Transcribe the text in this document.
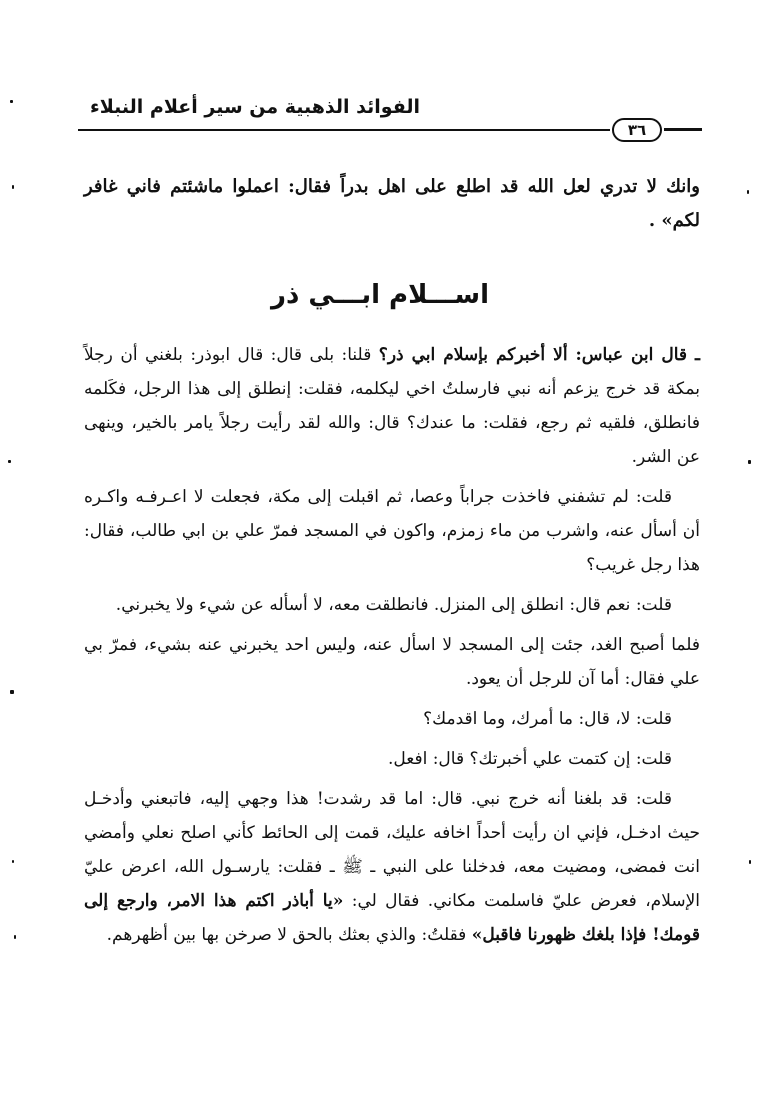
الفوائد الذهبية من سير أعلام النبلاء
٣٦
وانك لا تدري لعل الله قد اطلع على اهل بدراً فقال: اعملوا ماشئتم فاني غافر لكم» .
اســـلام ابـــي ذر

ـ قال ابن عباس: ألا أخبركم بإسلام ابي ذر؟ قلنا: بلى قال: قال ابوذر: بلغني أن رجلاً بمكة قد خرج يزعم أنه نبي فارسلتُ اخي ليكلمه، فقلت: إنطلق إلى هذا الرجل، فكَلمه فانطلق، فلقيه ثم رجع، فقلت: ما عندك؟ قال: والله لقد رأيت رجلاً يامر بالخير، وينهى عن الشر.

قلت: لم تشفني فاخذت جراباً وعصا، ثم اقبلت إلى مكة، فجعلت لا اعـرفـه واكـره أن أسأل عنه، واشرب من ماء زمزم، واكون في المسجد فمرّ علي بن ابي طالب، فقال: هذا رجل غريب؟

قلت: نعم قال: انطلق إلى المنزل. فانطلقت معه، لا أسأله عن شيء ولا يخبرني.

فلما أصبح الغد، جئت إلى المسجد لا اسأل عنه، وليس احد يخبرني عنه بشيء، فمرّ بي علي فقال: أما آن للرجل أن يعود.

قلت: لا، قال: ما أمرك، وما اقدمك؟

قلت: إن كتمت علي أخبرتك؟ قال: افعل.

قلت: قد بلغنا أنه خرج نبي. قال: اما قد رشدت! هذا وجهي إليه، فاتبعني وأدخـل حيث ادخـل، فإني ان رأيت أحداً اخافه عليك، قمت إلى الحائط كأني اصلح نعلي وأمضي انت فمضى، ومضيت معه، فدخلنا على النبي ـ ﷺ ـ فقلت: يارسـول الله، اعرض عليّ الإسلام، فعرض عليّ فاسلمت مكاني. فقال لي: «يا أباذر اكتم هذا الامر، وارجع إلى قومك! فإذا بلغك ظهورنا فاقبل» فقلتُ: والذي بعثك بالحق لا صرخن بها بين أظهرهم.
